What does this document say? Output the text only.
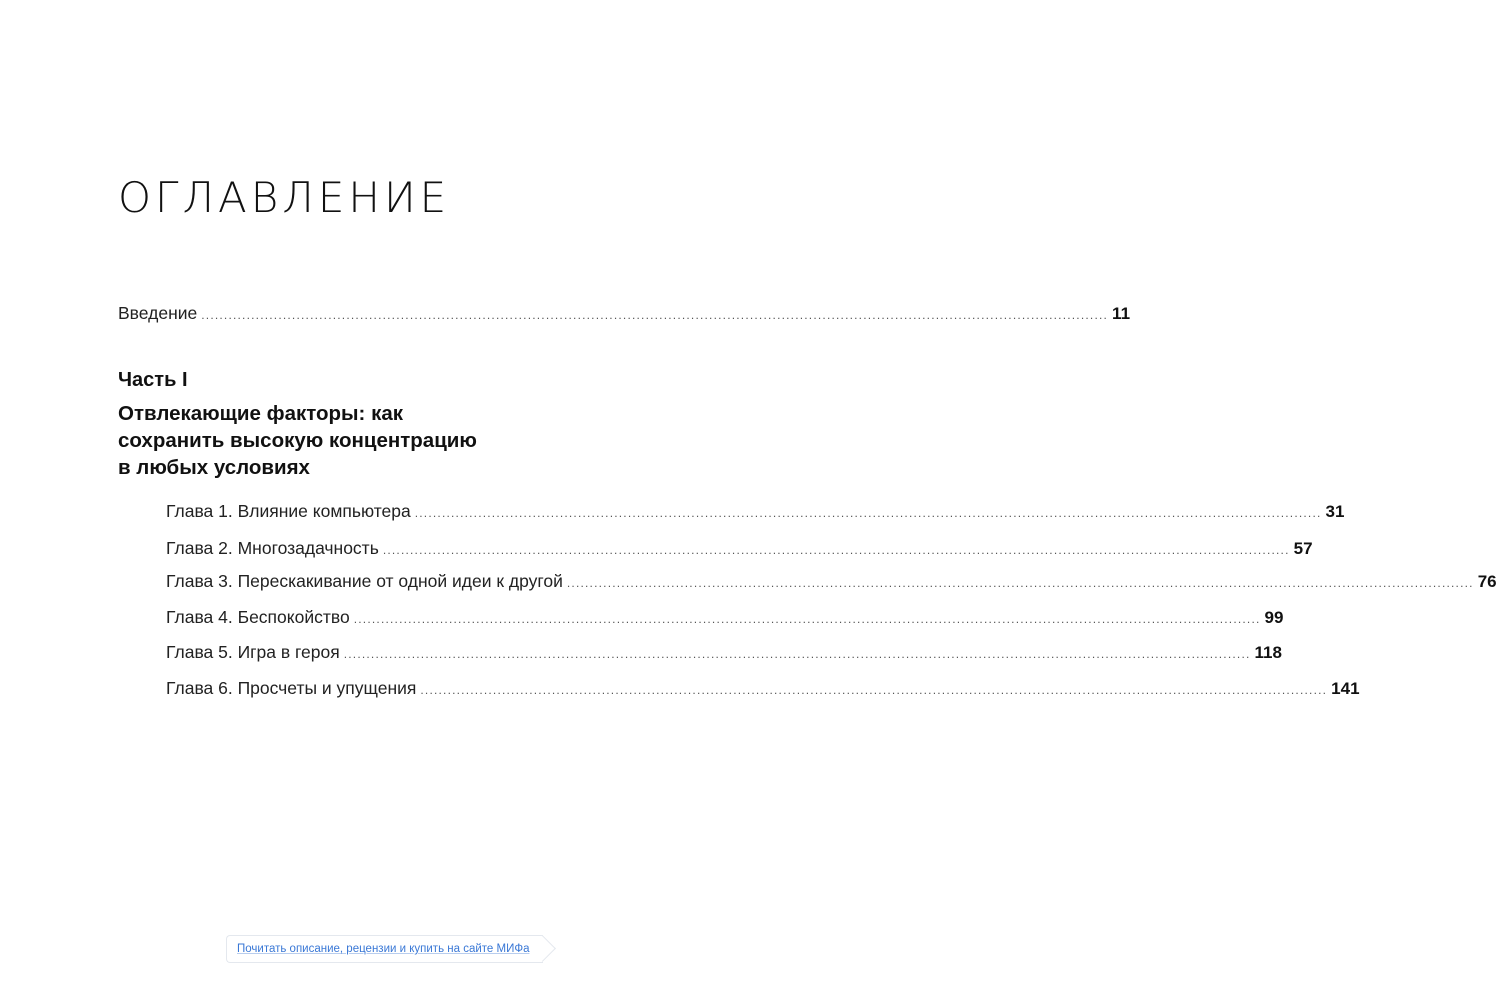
ОГЛАВЛЕНИЕ
Введение ........................................................................................................................................................................................................ 11
Часть I
Отвлекающие факторы: как
сохранить высокую концентрацию
в любых условиях
Глава 1. Влияние компьютера ........................................................................................................................................................................................................ 31
Глава 2. Многозадачность ........................................................................................................................................................................................................ 57
Глава 3. Перескакивание от одной идеи к другой ........................................................................................................................................................................................................ 76
Глава 4. Беспокойство ........................................................................................................................................................................................................ 99
Глава 5. Игра в героя ........................................................................................................................................................................................................ 118
Глава 6. Просчеты и упущения ........................................................................................................................................................................................................ 141
Почитать описание, рецензии и купить на сайте МИФа
